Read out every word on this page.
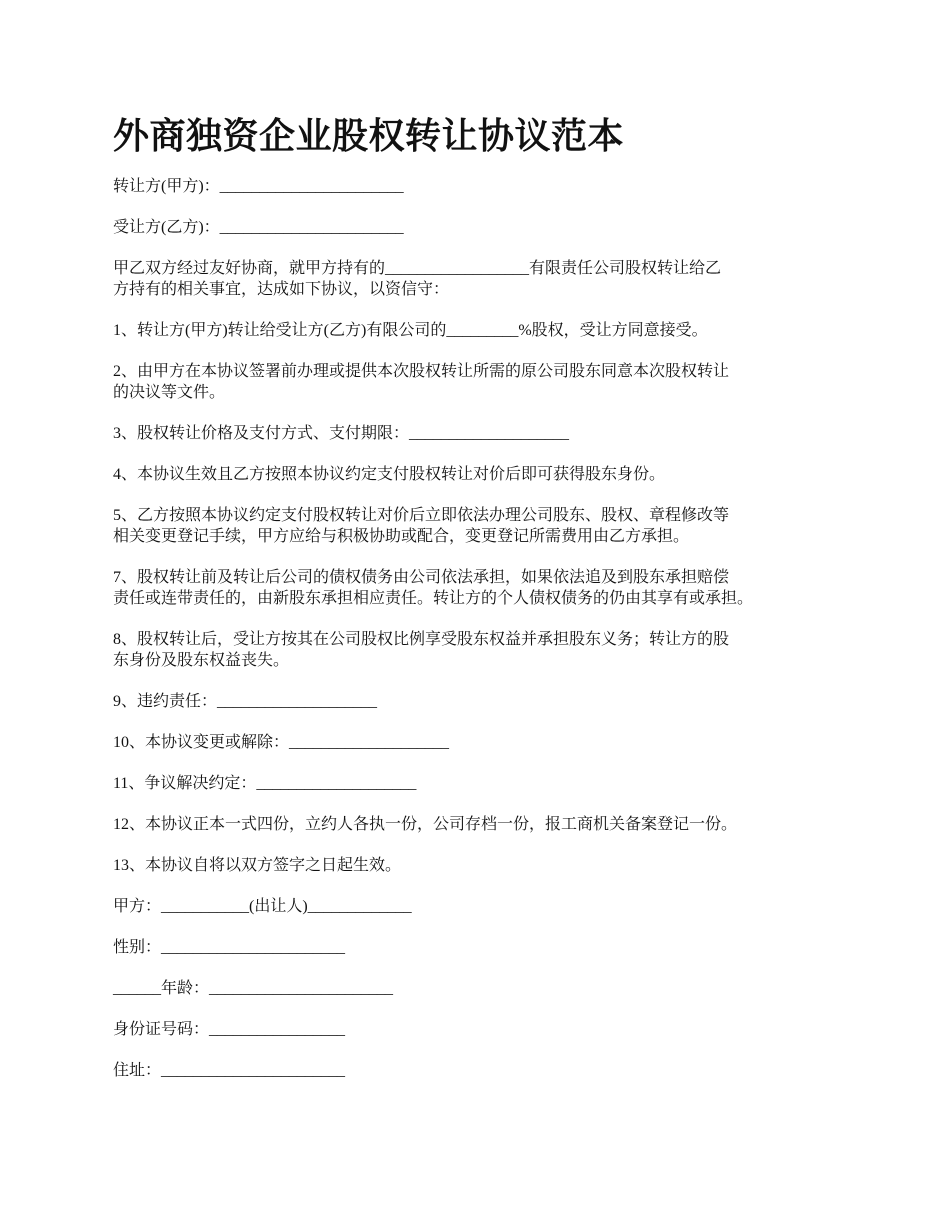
外商独资企业股权转让协议范本

转让方(甲方)：_______________________

受让方(乙方)：_______________________

甲乙双方经过友好协商，就甲方持有的__________________有限责任公司股权转让给乙
方持有的相关事宜，达成如下协议，以资信守：

1、转让方(甲方)转让给受让方(乙方)有限公司的_________%股权，受让方同意接受。

2、由甲方在本协议签署前办理或提供本次股权转让所需的原公司股东同意本次股权转让
的决议等文件。

3、股权转让价格及支付方式、支付期限：____________________

4、本协议生效且乙方按照本协议约定支付股权转让对价后即可获得股东身份。

5、乙方按照本协议约定支付股权转让对价后立即依法办理公司股东、股权、章程修改等
相关变更登记手续，甲方应给与积极协助或配合，变更登记所需费用由乙方承担。

7、股权转让前及转让后公司的债权债务由公司依法承担，如果依法追及到股东承担赔偿
责任或连带责任的，由新股东承担相应责任。转让方的个人债权债务的仍由其享有或承担。

8、股权转让后，受让方按其在公司股权比例享受股东权益并承担股东义务；转让方的股
东身份及股东权益丧失。

9、违约责任：____________________

10、本协议变更或解除：____________________

11、争议解决约定：____________________

12、本协议正本一式四份，立约人各执一份，公司存档一份，报工商机关备案登记一份。

13、本协议自将以双方签字之日起生效。

甲方：___________(出让人)_____________

性别：_______________________

______年龄：_______________________

身份证号码：_________________

住址：_______________________
